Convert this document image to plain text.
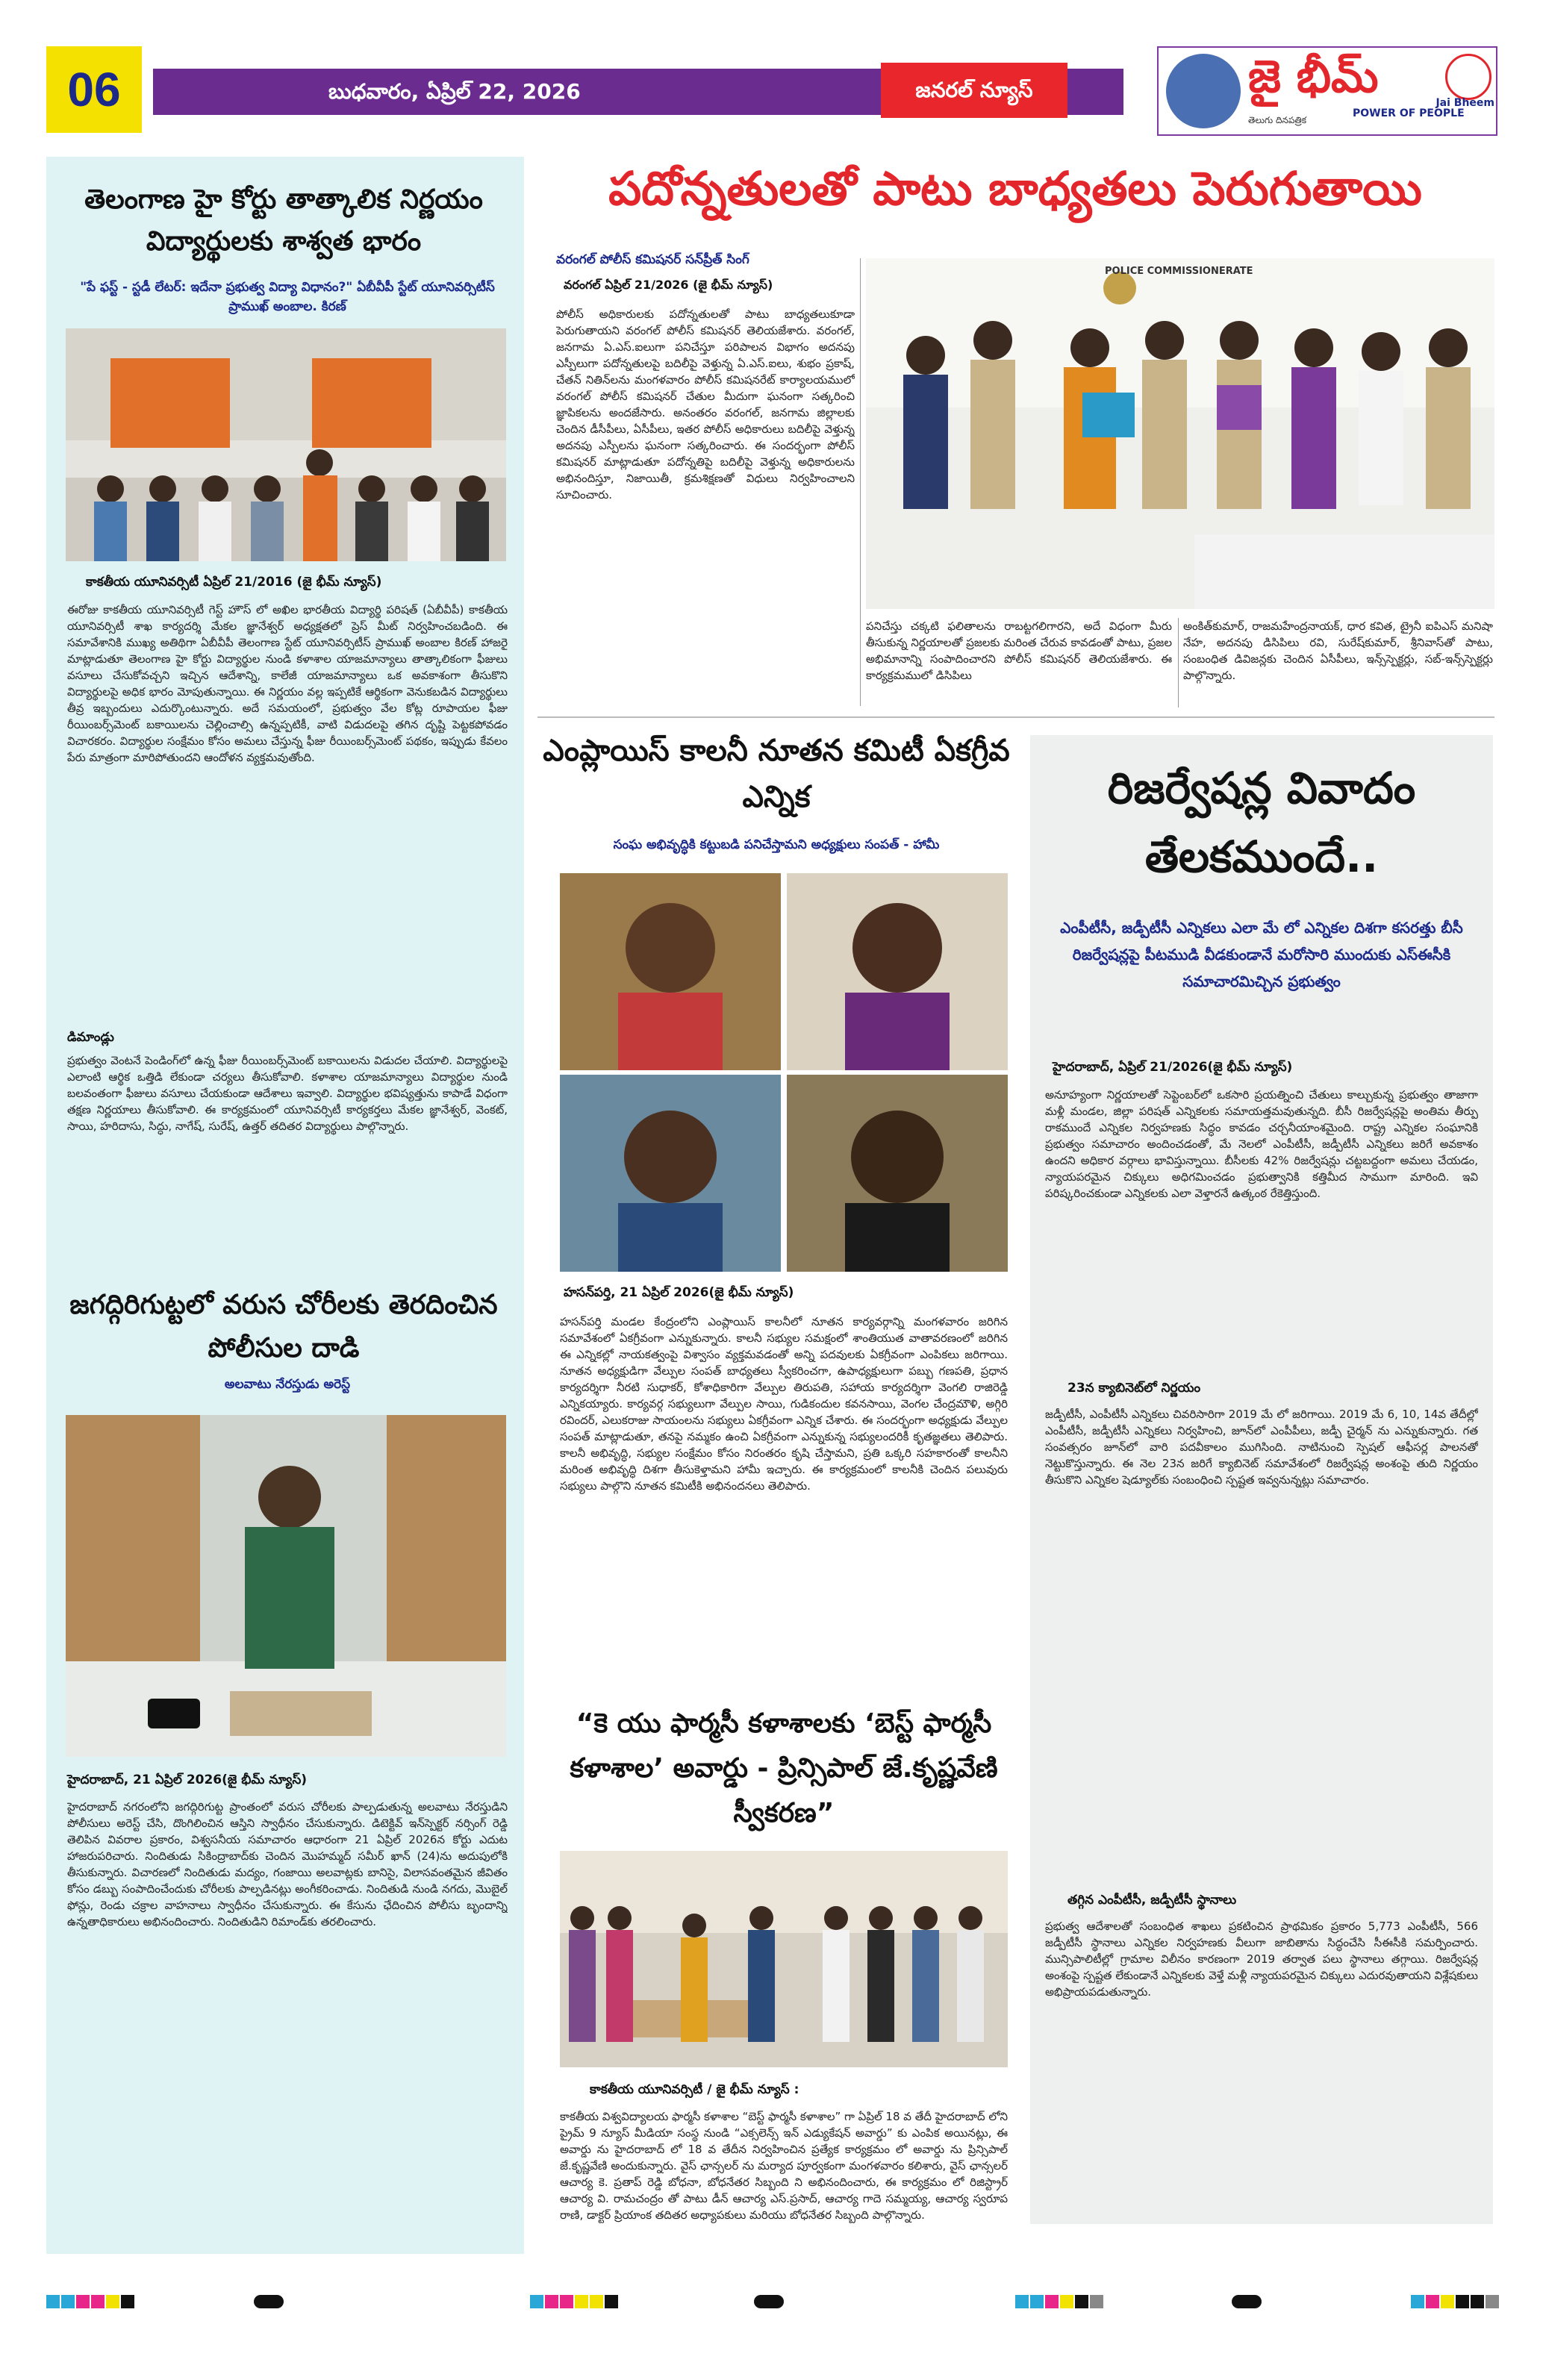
06	బుధవారం, ఏప్రిల్ 22, 2026	జనరల్ న్యూస్	జై భీమ్
తెలుగు దినపత్రిక
POWER OF PEOPLE
Jai Bheem
తెలంగాణ హై కోర్టు తాత్కాలిక నిర్ణయం విద్యార్థులకు శాశ్వత భారం
"పే ఫస్ట్ - స్టడీ లేటర్: ఇదేనా ప్రభుత్వ విద్యా విధానం?" ఏబీవీపీ స్టేట్ యూనివర్సిటీస్ ప్రాముఖ్ అంబాల. కిరణ్
కాకతీయ యూనివర్సిటీ ఏప్రిల్ 21/2016 (జై భీమ్ న్యూస్)
ఈరోజు కాకతీయ యూనివర్సిటీ గెస్ట్ హౌస్ లో అఖిల భారతీయ విద్యార్థి పరిషత్ (ఏబీవీపీ) కాకతీయ యూనివర్సిటీ శాఖ కార్యదర్శి మేకల జ్ఞానేశ్వర్ అధ్యక్షతలో ప్రెస్ మీట్ నిర్వహించబడింది. ఈ సమావేశానికి ముఖ్య అతిథిగా ఏబీవీపీ తెలంగాణ స్టేట్ యూనివర్సిటీస్ ప్రాముఖ్ అంబాల కిరణ్ హాజరై మాట్లాడుతూ తెలంగాణ హై కోర్టు విద్యార్థుల నుండి కళాశాల యాజమాన్యాలు తాత్కాలికంగా ఫీజులు వసూలు చేసుకోవచ్చని ఇచ్చిన ఆదేశాన్ని, కాలేజీ యాజమాన్యాలు ఒక అవకాశంగా తీసుకొని విద్యార్థులపై అధిక భారం మోపుతున్నాయి. ఈ నిర్ణయం వల్ల ఇప్పటికే ఆర్థికంగా వెనుకబడిన విద్యార్థులు తీవ్ర ఇబ్బందులు ఎదుర్కొంటున్నారు. అదే సమయంలో, ప్రభుత్వం వేల కోట్ల రూపాయల ఫీజు రీయింబర్స్‌మెంట్ బకాయిలను చెల్లించాల్సి ఉన్నప్పటికీ, వాటి విడుదలపై తగిన దృష్టి పెట్టకపోవడం విచారకరం. విద్యార్థుల సంక్షేమం కోసం అమలు చేస్తున్న ఫీజు రీయింబర్స్‌మెంట్ పథకం, ఇప్పుడు కేవలం పేరు మాత్రంగా మారిపోతుందని ఆందోళన వ్యక్తమవుతోంది.
డిమాండ్లు
ప్రభుత్వం వెంటనే పెండింగ్‌లో ఉన్న ఫీజు రీయింబర్స్‌మెంట్ బకాయిలను విడుదల చేయాలి. విద్యార్థులపై ఎలాంటి ఆర్థిక ఒత్తిడి లేకుండా చర్యలు తీసుకోవాలి. కళాశాల యాజమాన్యాలు విద్యార్థుల నుండి బలవంతంగా ఫీజులు వసూలు చేయకుండా ఆదేశాలు ఇవ్వాలి. విద్యార్థుల భవిష్యత్తును కాపాడే విధంగా తక్షణ నిర్ణయాలు తీసుకోవాలి. ఈ కార్యక్రమంలో యూనివర్సిటీ కార్యకర్తలు మేకల జ్ఞానేశ్వర్, వెంకట్, సాయి, హరిదాసు, సిద్ధు, నాగేష్, సురేష్, ఉత్తర్ తదితర విద్యార్థులు పాల్గొన్నారు.
జగద్గిరిగుట్టలో వరుస చోరీలకు తెరదించిన పోలీసుల దాడి
అలవాటు నేరస్తుడు అరెస్ట్
హైదరాబాద్, 21 ఏప్రిల్ 2026(జై భీమ్ న్యూస్)
హైదరాబాద్ నగరంలోని జగద్గిరిగుట్ట ప్రాంతంలో వరుస చోరీలకు పాల్పడుతున్న అలవాటు నేరస్తుడిని పోలీసులు అరెస్ట్ చేసి, దొంగిలించిన ఆస్తిని స్వాధీనం చేసుకున్నారు. డిటెక్టివ్ ఇన్‌స్పెక్టర్ నర్సింగ్ రెడ్డి తెలిపిన వివరాల ప్రకారం, విశ్వసనీయ సమాచారం ఆధారంగా 21 ఏప్రిల్ 2026న కోర్టు ఎదుట హాజరుపరిచారు. నిందితుడు సికింద్రాబాద్‌కు చెందిన మొహమ్మద్ సమీర్ ఖాన్ (24)ను అదుపులోకి తీసుకున్నారు. విచారణలో నిందితుడు మద్యం, గంజాయి అలవాట్లకు బానిసై, విలాసవంతమైన జీవితం కోసం డబ్బు సంపాదించేందుకు చోరీలకు పాల్పడినట్లు అంగీకరించాడు. నిందితుడి నుండి నగదు, మొబైల్ ఫోన్లు, రెండు చక్రాల వాహనాలు స్వాధీనం చేసుకున్నారు. ఈ కేసును ఛేదించిన పోలీసు బృందాన్ని ఉన్నతాధికారులు అభినందించారు. నిందితుడిని రిమాండ్‌కు తరలించారు.
పదోన్నతులతో పాటు బాధ్యతలు పెరుగుతాయి
వరంగల్ పోలీస్ కమిషనర్ సన్‌ప్రీత్ సింగ్
వరంగల్ ఏప్రిల్ 21/2026 (జై భీమ్ న్యూస్)
పోలీస్ అధికారులకు పదోన్నతులతో పాటు బాధ్యతలుకూడా పెరుగుతాయని వరంగల్ పోలీస్ కమిషనర్ తెలియజేశారు. వరంగల్, జనగామ ఏ.ఎస్.ఐలుగా పనిచేస్తూ పరిపాలన విభాగం అదనపు ఎస్పీలుగా పదోన్నతులపై బదిలీపై వెళ్తున్న ఏ.ఎస్.ఐలు, శుభం ప్రకాష్, చేతన్ నితిన్‌లను మంగళవారం పోలీస్ కమిషనరేట్ కార్యాలయములో వరంగల్ పోలీస్ కమిషనర్ చేతుల మీదుగా ఘనంగా సత్కరించి జ్ఞాపికలను అందజేసారు. అనంతరం వరంగల్, జనగామ జిల్లాలకు చెందిన డీసీపీలు, ఏసీపీలు, ఇతర పోలీస్ అధికారులు బదిలీపై వెళ్తున్న అదనపు ఎస్పీలను ఘనంగా సత్కరించారు. ఈ సందర్భంగా పోలీస్ కమిషనర్ మాట్లాడుతూ పదోన్నతిపై బదిలీపై వెళ్తున్న అధికారులను అభినందిస్తూ, నిజాయితీ, క్రమశిక్షణతో విధులు నిర్వహించాలని సూచించారు.
POLICE COMMISSIONERATE
పనిచేస్తు చక్కటి ఫలితాలను రాబట్టగలిగారని, అదే విధంగా మీరు తీసుకున్న నిర్ణయాలతో ప్రజలకు మరింత చేరువ కావడంతో పాటు, ప్రజల అభిమానాన్ని సంపాదించారని పోలీస్ కమిషనర్ తెలియజేశారు. ఈ కార్యక్రమములో డిసిపిలు
అంకిత్‌కుమార్, రాజమహేంద్రనాయక్, ధార కవిత, ట్రైనీ ఐపిఎస్ మనిషా నేహ, అదనపు డిసిపిలు రవి, సురేష్‌కుమార్, శ్రీనివాస్‌తో పాటు, సంబంధిత డివిజన్లకు చెందిన ఏసీపీలు, ఇన్స్‌స్పెక్టర్లు, సబ్-ఇన్స్‌స్పెక్టర్లు పాల్గొన్నారు.
ఎంప్లాయిస్ కాలనీ నూతన కమిటీ ఏకగ్రీవ ఎన్నిక
సంఘ అభివృద్ధికి కట్టుబడి పనిచేస్తామని అధ్యక్షులు సంపత్ - హామీ
హసన్‌పర్తి, 21 ఏప్రిల్ 2026(జై భీమ్ న్యూస్)
హసన్‌పర్తి మండల కేంద్రంలోని ఎంప్లాయిస్ కాలనీలో నూతన కార్యవర్గాన్ని మంగళవారం జరిగిన సమావేశంలో ఏకగ్రీవంగా ఎన్నుకున్నారు. కాలనీ సభ్యుల సమక్షంలో శాంతియుత వాతావరణంలో జరిగిన ఈ ఎన్నికల్లో నాయకత్వంపై విశ్వాసం వ్యక్తమవడంతో అన్ని పదవులకు ఏకగ్రీవంగా ఎంపికలు జరిగాయి. నూతన అధ్యక్షుడిగా వేల్పుల సంపత్ బాధ్యతలు స్వీకరించగా, ఉపాధ్యక్షులుగా పబ్బు గణపతి, ప్రధాన కార్యదర్శిగా నీరటి సుధాకర్, కోశాధికారిగా వేల్పుల తిరుపతి, సహాయ కార్యదర్శిగా వెంగలి రాజిరెడ్డి ఎన్నికయ్యారు. కార్యవర్గ సభ్యులుగా వేల్పుల సాయి, గుడికందుల కవనసాయి, వెంగల చేంద్రమౌళి, అగ్గిరి రవిందర్, ఎలుకరాజు సాయంలను సభ్యులు ఏకగ్రీవంగా ఎన్నిక చేశారు. ఈ సందర్భంగా అధ్యక్షుడు వేల్పుల సంపత్ మాట్లాడుతూ, తనపై నమ్మకం ఉంచి ఏకగ్రీవంగా ఎన్నుకున్న సభ్యులందరికీ కృతజ్ఞతలు తెలిపారు. కాలనీ అభివృద్ధి, సభ్యుల సంక్షేమం కోసం నిరంతరం కృషి చేస్తామని, ప్రతి ఒక్కరి సహకారంతో కాలనీని మరింత అభివృద్ధి దిశగా తీసుకెళ్తామని హామీ ఇచ్చారు. ఈ కార్యక్రమంలో కాలనీకి చెందిన పలువురు సభ్యులు పాల్గొని నూతన కమిటీకి అభినందనలు తెలిపారు.
“కె యు ఫార్మసీ కళాశాలకు ‘బెస్ట్ ఫార్మసీ కళాశాల’ అవార్డు - ప్రిన్సిపాల్ జే.కృష్ణవేణి స్వీకరణ”
కాకతీయ యూనివర్సిటీ / జై భీమ్ న్యూస్ :
కాకతీయ విశ్వవిద్యాలయ ఫార్మసీ కళాశాల “బెస్ట్ ఫార్మసీ కళాశాల” గా ఏప్రిల్ 18 వ తేదీ హైదరాబాద్ లోని ప్రైమ్ 9 న్యూస్ మీడియా సంస్థ నుండి “ఎక్సలెన్స్ ఇన్ ఎడ్యుకేషన్ అవార్డు” కు ఎంపిక అయినట్లు, ఈ అవార్డు ను హైదరాబాద్ లో 18 వ తేదీన నిర్వహించిన ప్రత్యేక కార్యక్రమం లో అవార్డు ను ప్రిన్సిపాల్ జే.కృష్ణవేణి అందుకున్నారు. వైస్ ఛాన్సలర్ ను మర్యాద పూర్వకంగా మంగళవారం కలిశారు, వైస్ ఛాన్సలర్ ఆచార్య కె. ప్రతాప్ రెడ్డి బోధనా, బోధనేతర సిబ్బంది ని అభినందించారు, ఈ కార్యక్రమం లో రిజిస్ట్రార్ ఆచార్య వి. రామచంద్రం తో పాటు డీన్ ఆచార్య ఎస్.ప్రసాద్, ఆచార్య గాదె సమ్మయ్య, ఆచార్య స్వరూప రాణి, డాక్టర్ ప్రియాంక తదితర అధ్యాపకులు మరియు బోధనేతర సిబ్బంది పాల్గొన్నారు.
రిజర్వేషన్ల వివాదం తేలకముందే..
ఎంపీటీసీ, జడ్పీటీసీ ఎన్నికలు ఎలా మే లో ఎన్నికల దిశగా కసరత్తు బీసీ రిజర్వేషన్లపై పీటముడి వీడకుండానే మరోసారి ముందుకు ఎస్ఈసీకి సమాచారమిచ్చిన ప్రభుత్వం
హైదరాబాద్, ఏప్రిల్ 21/2026(జై భీమ్ న్యూస్)
అనూహ్యంగా నిర్ణయాలతో సెప్టెంబర్‌లో ఒకసారి ప్రయత్నించి చేతులు కాల్చుకున్న ప్రభుత్వం తాజాగా మళ్లీ మండల, జిల్లా పరిషత్ ఎన్నికలకు సమాయత్తమవుతున్నది. బీసీ రిజర్వేషన్లపై అంతిమ తీర్పు రాకముందే ఎన్నికల నిర్వహణకు సిద్ధం కావడం చర్చనీయాంశమైంది. రాష్ట్ర ఎన్నికల సంఘానికి ప్రభుత్వం సమాచారం అందించడంతో, మే నెలలో ఎంపీటీసీ, జడ్పీటీసీ ఎన్నికలు జరిగే అవకాశం ఉందని అధికార వర్గాలు భావిస్తున్నాయి. బీసీలకు 42% రిజర్వేషన్లు చట్టబద్దంగా అమలు చేయడం, న్యాయపరమైన చిక్కులు అధిగమించడం ప్రభుత్వానికి కత్తిమీద సాముగా మారింది. ఇవి పరిష్కరించకుండా ఎన్నికలకు ఎలా వెళ్తారనే ఉత్కంఠ రేకెత్తిస్తుంది.
23న క్యాబినెట్‌లో నిర్ణయం
జడ్పీటీసీ, ఎంపీటీసీ ఎన్నికలు చివరిసారిగా 2019 మే లో జరిగాయి. 2019 మే 6, 10, 14వ తేదీల్లో ఎంపీటీసీ, జడ్పీటీసీ ఎన్నికలు నిర్వహించి, జూన్‌లో ఎంపీపీలు, జడ్పీ చైర్మన్ ను ఎన్నుకున్నారు. గత సంవత్సరం జూన్‌లో వారి పదవీకాలం ముగిసింది. నాటినుంచి స్పెషల్ ఆఫీసర్ల పాలనతో నెట్టుకొస్తున్నారు. ఈ నెల 23న జరిగే క్యాబినెట్ సమావేశంలో రిజర్వేషన్ల అంశంపై తుది నిర్ణయం తీసుకొని ఎన్నికల షెడ్యూల్‌కు సంబంధించి స్పష్టత ఇవ్వనున్నట్లు సమాచారం.
తగ్గిన ఎంపీటీసీ, జడ్పీటీసీ స్థానాలు
ప్రభుత్వ ఆదేశాలతో సంబంధిత శాఖలు ప్రకటించిన ప్రాథమికం ప్రకారం 5,773 ఎంపీటీసీ, 566 జడ్పీటీసీ స్థానాలు ఎన్నికల నిర్వహణకు వీలుగా జాబితాను సిద్ధంచేసి సీఈసీకి సమర్పించారు. మున్సిపాలిటీల్లో గ్రామాల విలీనం కారణంగా 2019 తర్వాత పలు స్థానాలు తగ్గాయి. రిజర్వేషన్ల అంశంపై స్పష్టత లేకుండానే ఎన్నికలకు వెళ్తే మళ్లీ న్యాయపరమైన చిక్కులు ఎదురవుతాయని విశ్లేషకులు అభిప్రాయపడుతున్నారు.
